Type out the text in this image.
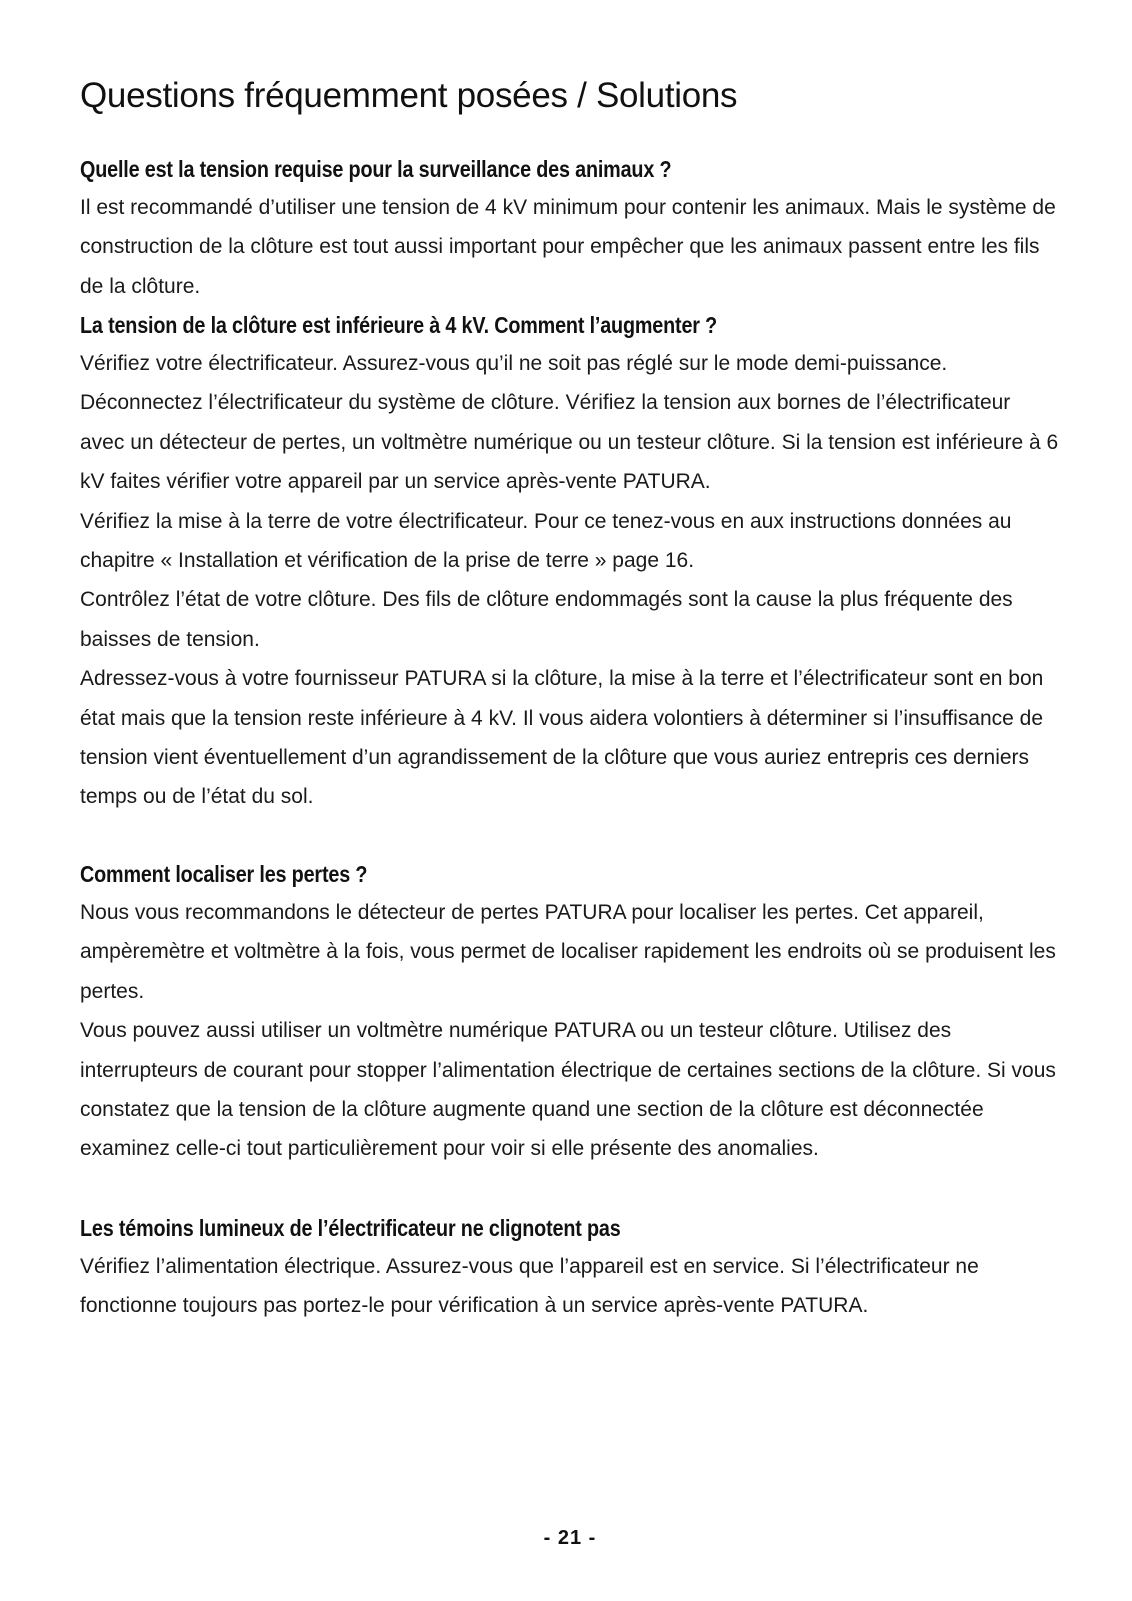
Questions fréquemment posées / Solutions
Quelle est la tension requise pour la surveillance des animaux ?

Il est recommandé d’utiliser une tension de 4 kV minimum pour contenir les animaux. Mais le système de construction de la clôture est tout aussi important pour empêcher que les animaux passent entre les fils de la clôture.

La tension de la clôture est inférieure à 4 kV. Comment l’augmenter ?

Vérifiez votre électrificateur. Assurez-vous qu’il ne soit pas réglé sur le mode demi-puissance. Déconnectez l’électrificateur du système de clôture. Vérifiez la tension aux bornes de l’électrificateur avec un détecteur de pertes, un voltmètre numérique ou un testeur clôture. Si la tension est inférieure à 6 kV faites vérifier votre appareil par un service après-vente PATURA.

Vérifiez la mise à la terre de votre électrificateur. Pour ce tenez-vous en aux instructions données au chapitre « Installation et vérification de la prise de terre » page 16.

Contrôlez l’état de votre clôture. Des fils de clôture endommagés sont la cause la plus fréquente des baisses de tension.

Adressez-vous à votre fournisseur PATURA si la clôture, la mise à la terre et l’électrificateur sont en bon état mais que la tension reste inférieure à 4 kV. Il vous aidera volontiers à déterminer si l’insuffisance de tension vient éventuellement d’un agrandissement de la clôture que vous auriez entrepris ces derniers temps ou de l’état du sol.

Comment localiser les pertes ?

Nous vous recommandons le détecteur de pertes PATURA pour localiser les pertes. Cet appareil, ampèremètre et voltmètre à la fois, vous permet de localiser rapidement les endroits où se produisent les pertes.

Vous pouvez aussi utiliser un voltmètre numérique PATURA ou un testeur clôture. Utilisez des interrupteurs de courant pour stopper l’alimentation électrique de certaines sections de la clôture. Si vous constatez que la tension de la clôture augmente quand une section de la clôture est déconnectée examinez celle-ci tout particulièrement pour voir si elle présente des anomalies.

Les témoins lumineux de l’électrificateur ne clignotent pas

Vérifiez l’alimentation électrique. Assurez-vous que l’appareil est en service. Si l’électrificateur ne fonctionne toujours pas portez-le pour vérification à un service après-vente PATURA.

- 21 -
